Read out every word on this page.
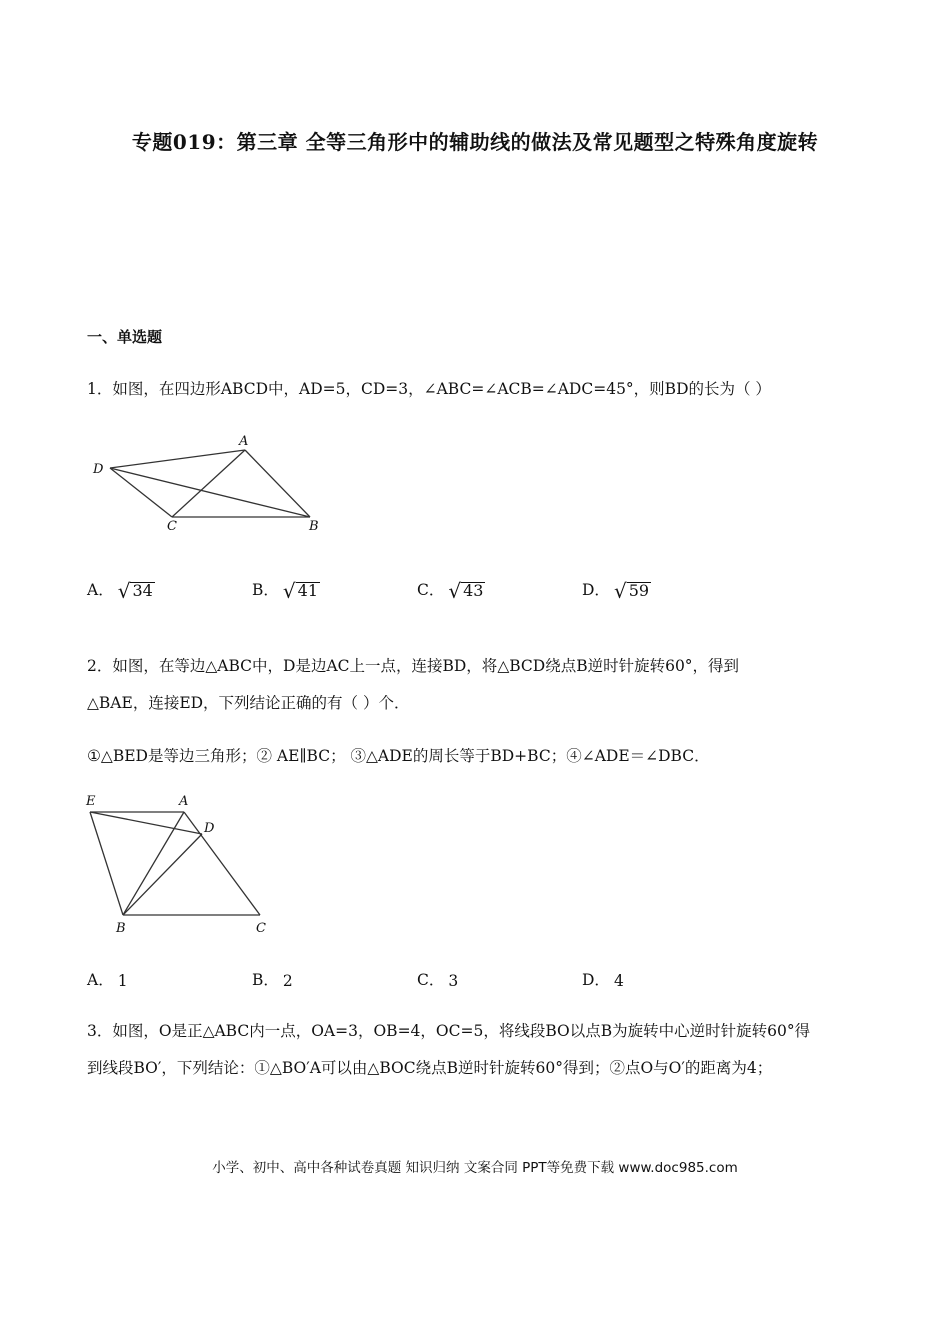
专题019：第三章 全等三角形中的辅助线的做法及常见题型之特殊角度旋转
一、单选题
1．如图，在四边形ABCD中，AD=5，CD=3，∠ABC=∠ACB=∠ADC=45°，则BD的长为（ ）
A
D
C	B
A． √ 34	B． √ 41	C． √ 43	D． √ 59
2．如图，在等边△ABC中，D是边AC上一点，连接BD，将△BCD绕点B逆时针旋转60°，得到
△BAE，连接ED，下列结论正确的有（ ）个．
①△BED是等边三角形；② AE∥BC； ③△ADE的周长等于BD+BC；④∠ADE＝∠DBC．
E	A
D
B	C
A． 1	B． 2	C． 3	D． 4
3．如图，O是正△ABC内一点，OA=3，OB=4，OC=5，将线段BO以点B为旋转中心逆时针旋转60°得
到线段BO′，下列结论：①△BO′A可以由△BOC绕点B逆时针旋转60°得到；②点O与O′的距离为4；
小学、初中、高中各种试卷真题 知识归纳 文案合同 PPT等免费下载 www.doc985.com
